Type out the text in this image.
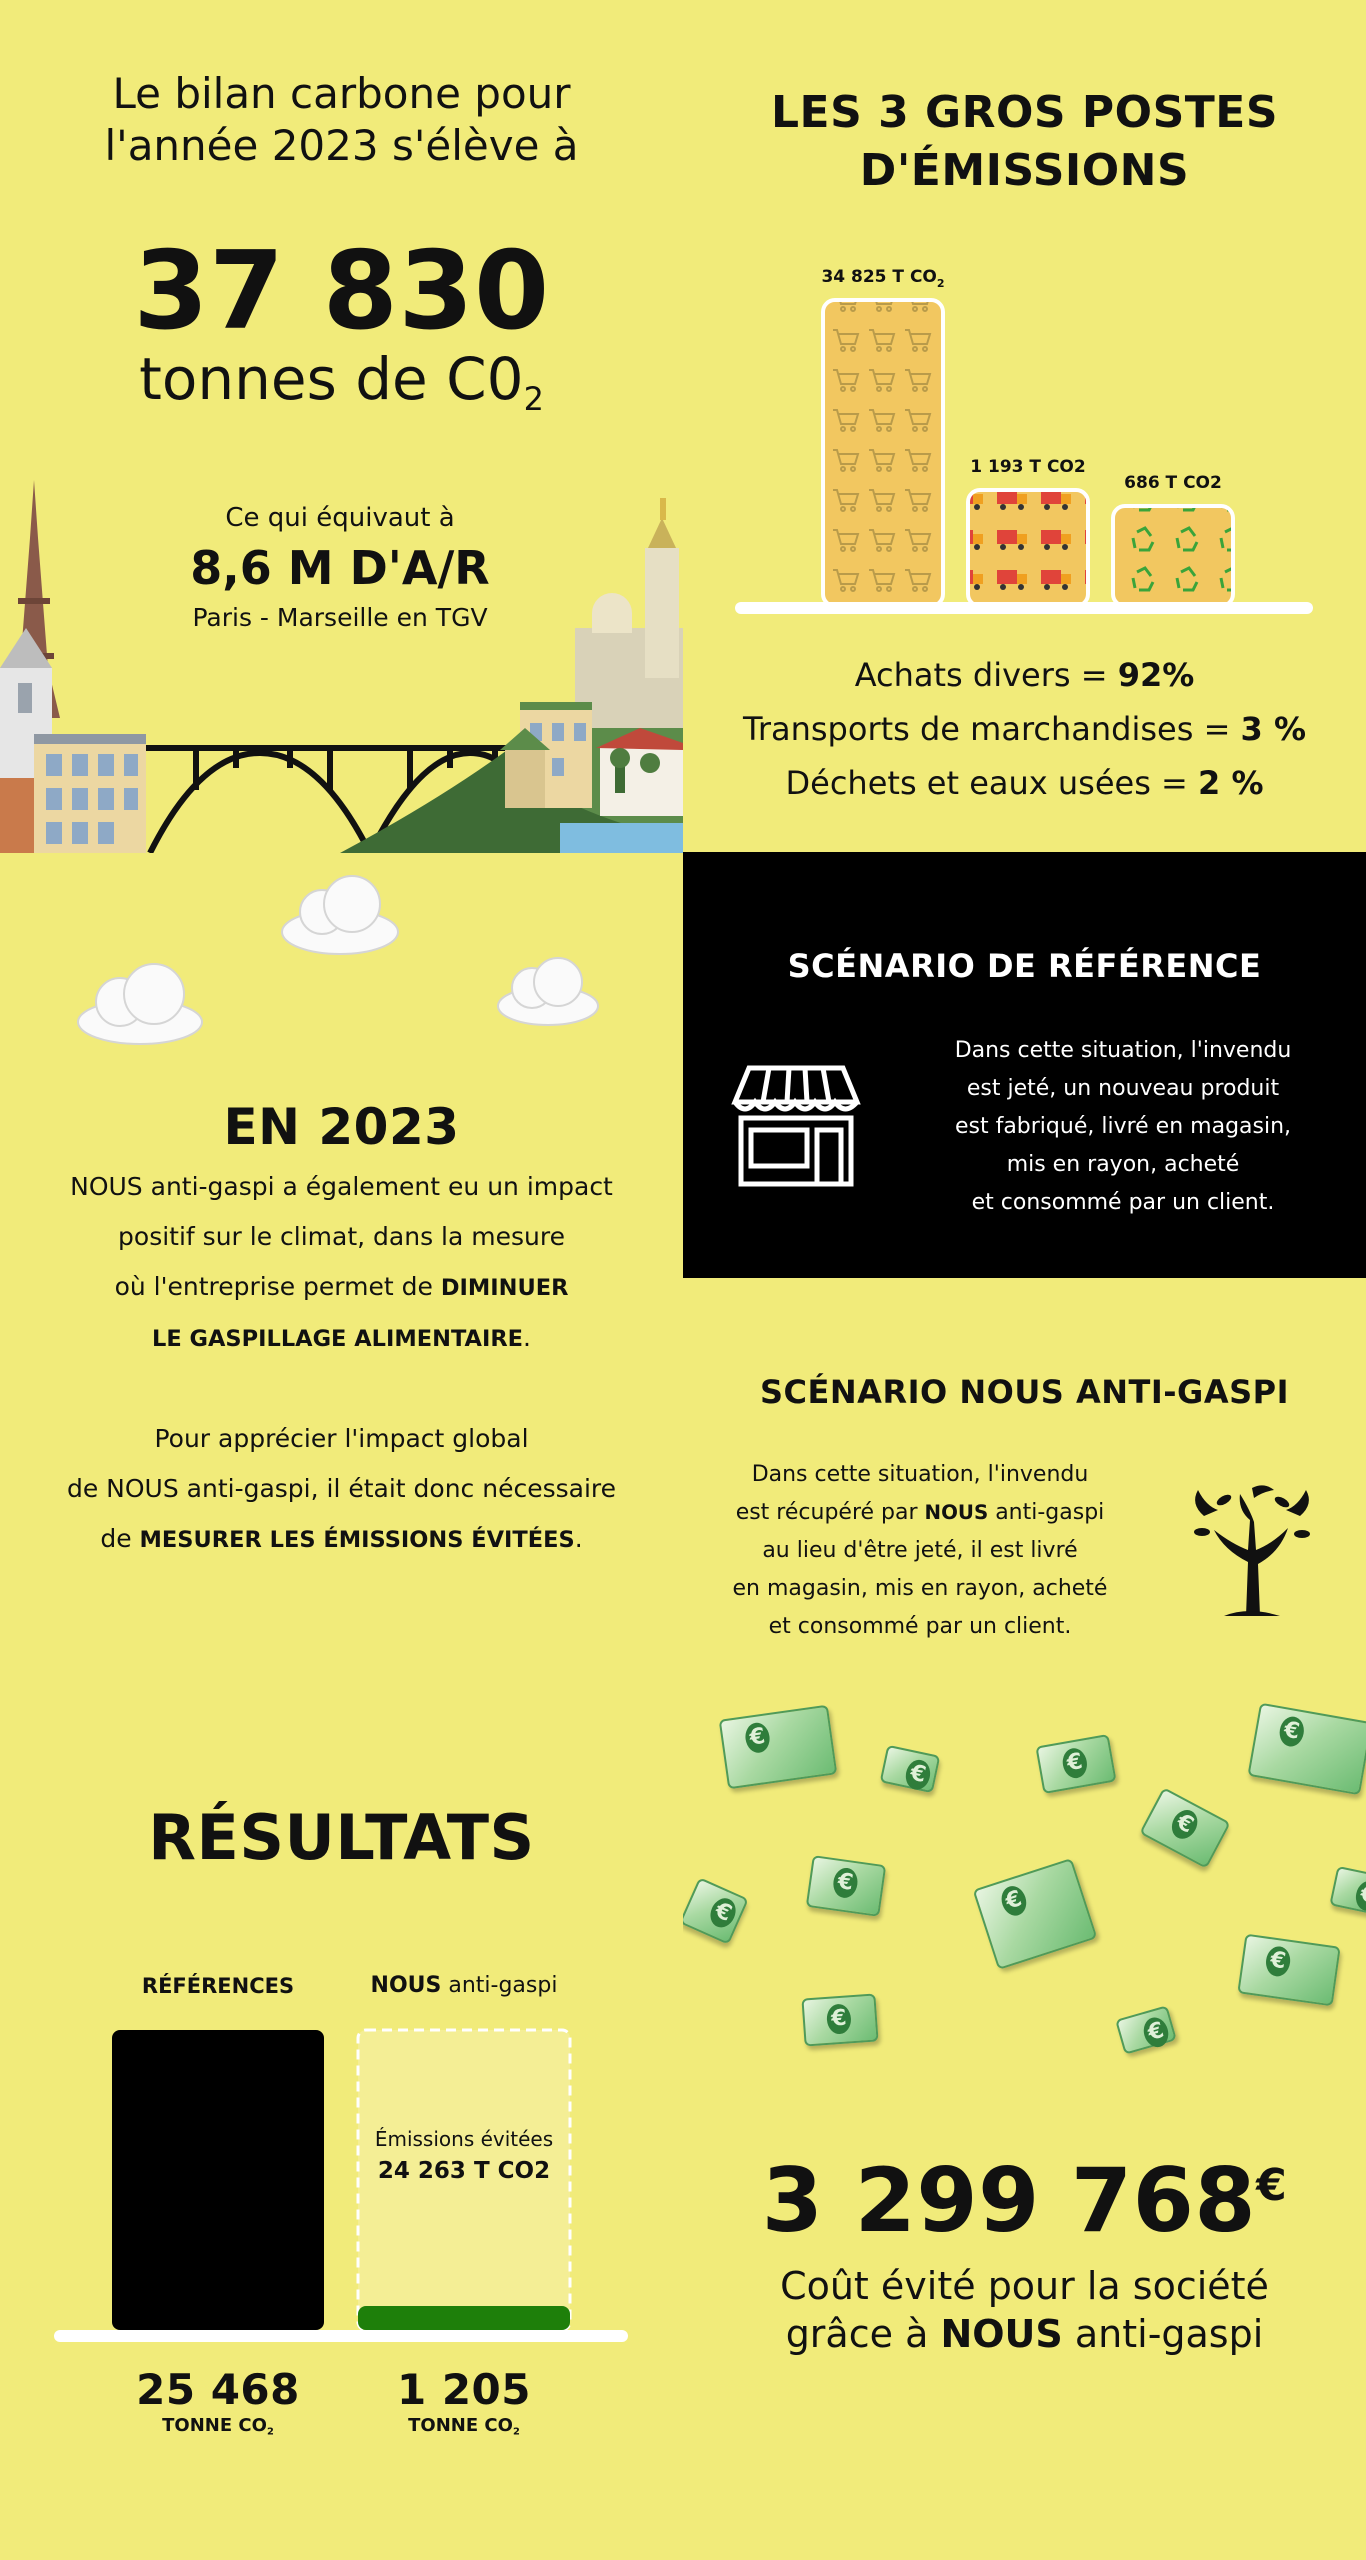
Le bilan carbone pour
l'année 2023 s'élève à
37 830
tonnes de C02
Ce qui équivaut à
8,6 M D'A/R
Paris - Marseille en TGV
LES 3 GROS POSTES
D'ÉMISSIONS
34 825 T $CO_2$
1 193 T CO2
686 T CO2
Achats divers = 92%
Transports de marchandises = 3 %
Déchets et eaux usées = 2 %
SCÉNARIO DE RÉFÉRENCE
Dans cette situation, l'invendu
est jeté, un nouveau produit
est fabriqué, livré en magasin,
mis en rayon, acheté
et consommé par un client.
EN 2023
NOUS anti-gaspi a également eu un impact
positif sur le climat, dans la mesure
où l'entreprise permet de DIMINUER
LE GASPILLAGE ALIMENTAIRE.
Pour apprécier l'impact global
de NOUS anti-gaspi, il était donc nécessaire
de MESURER LES ÉMISSIONS ÉVITÉES.
SCÉNARIO NOUS ANTI-GASPI
Dans cette situation, l'invendu
est récupéré par NOUS anti-gaspi
au lieu d'être jeté, il est livré
en magasin, mis en rayon, acheté
et consommé par un client.
€
€
€
€
€
€
€
€
€
€
€
€
RÉSULTATS
RÉFÉRENCES	NOUS anti-gaspi
Émissions évitées
24 263 T CO2
25 468
TONNE CO2
1 205
TONNE CO2
3 299 768€
Coût évité pour la société
grâce à NOUS anti-gaspi
